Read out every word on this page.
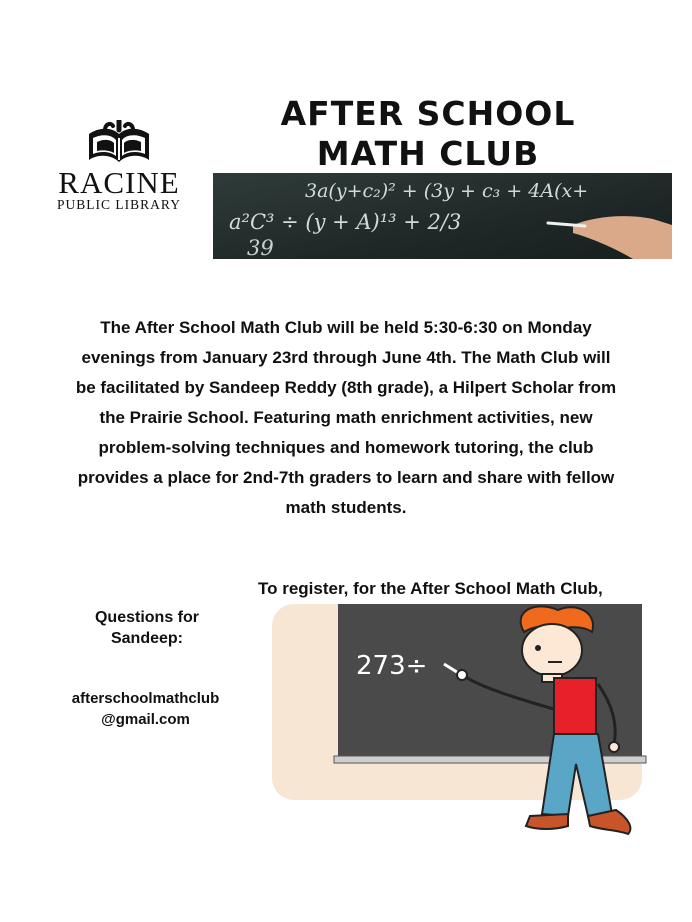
RACINE
PUBLIC LIBRARY
AFTER SCHOOL
MATH CLUB
3a(y+c₂)² + (3y + c₃ + 4A(x+
a²C³ ÷ (y + A)¹³ + 2/3
39
The After School Math Club will be held 5:30-6:30 on Monday
evenings from January 23rd through June 4th. The Math Club will
be facilitated by Sandeep Reddy (8th grade), a Hilpert Scholar from
the Prairie School. Featuring math enrichment activities, new
problem-solving techniques and homework tutoring, the club
provides a place for 2nd-7th graders to learn and share with fellow
math students.
To register, for the After School Math Club,
Questions for
Sandeep:
afterschoolmathclub
@gmail.com
273÷
